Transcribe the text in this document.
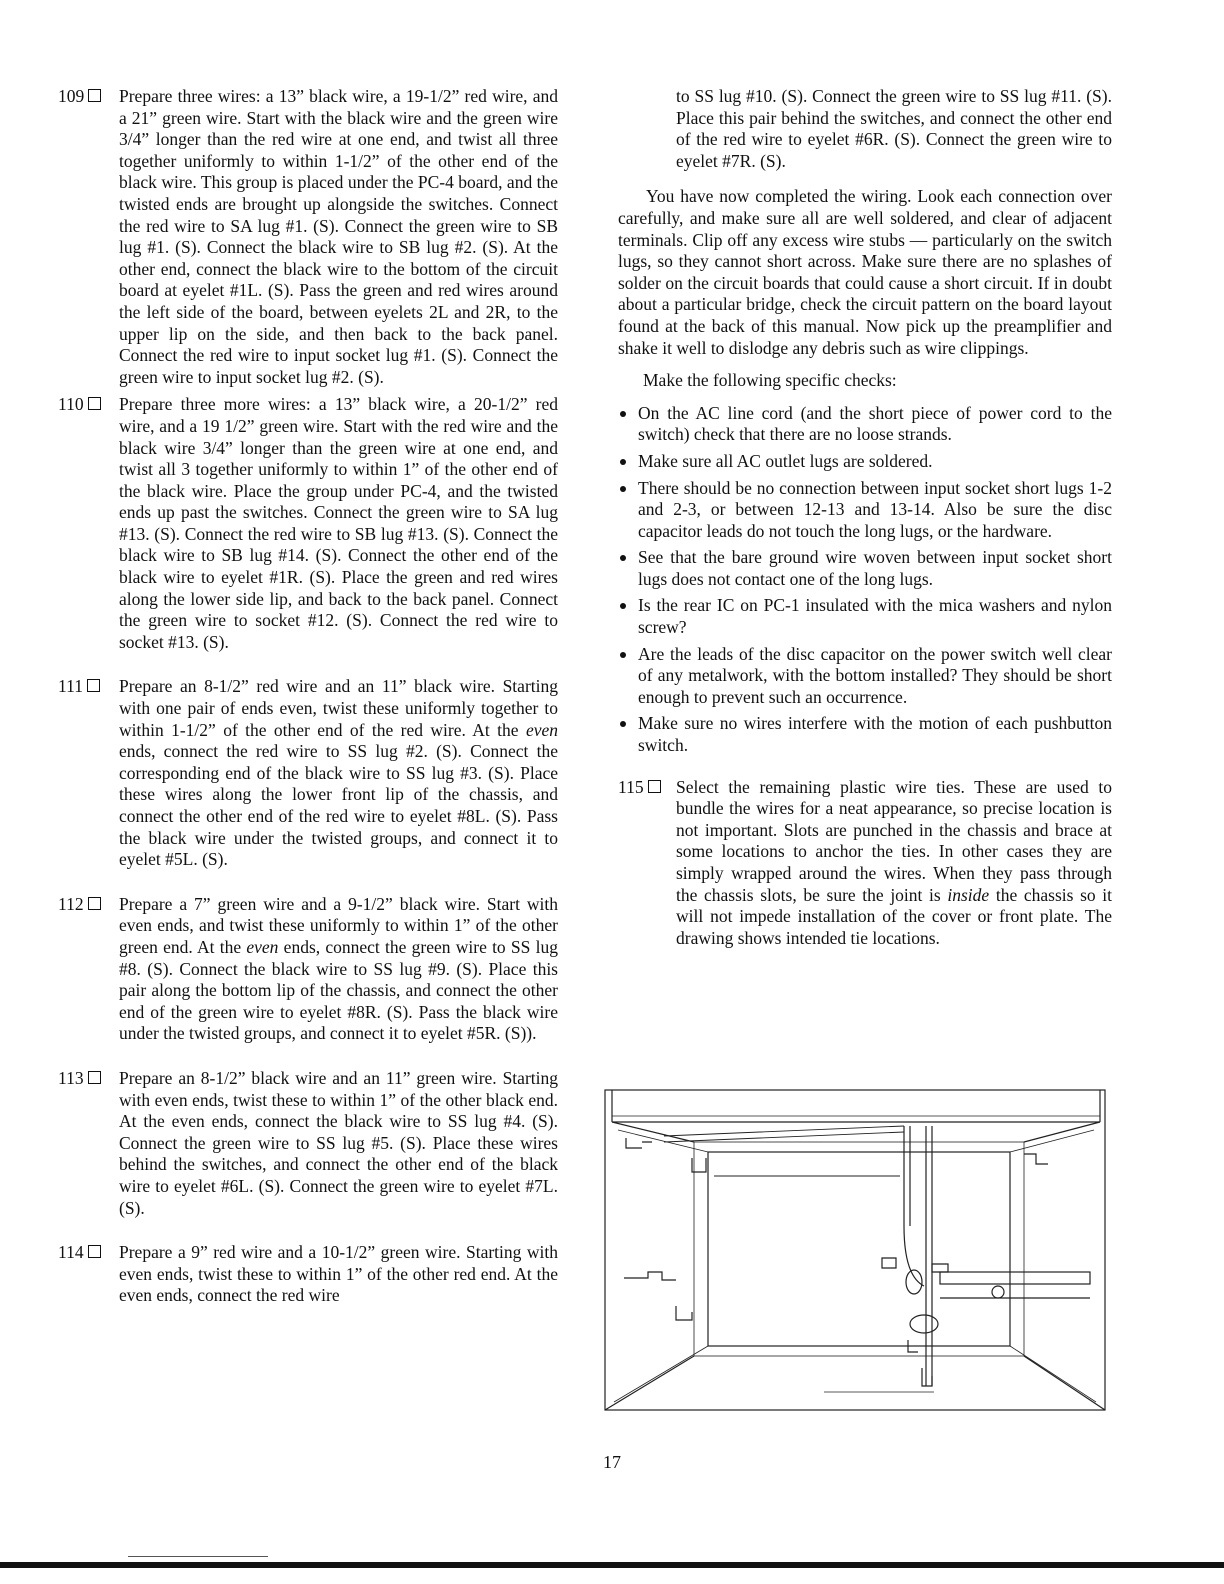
109	Prepare three wires: a 13” black wire, a 19-1/2” red wire, and a 21” green wire. Start with the black wire and the green wire 3/4” longer than the red wire at one end, and twist all three together uniformly to within 1-1/2” of the other end of the black wire. This group is placed under the PC-4 board, and the twisted ends are brought up alongside the switches. Connect the red wire to SA lug #1. (S). Connect the green wire to SB lug #1. (S). Connect the black wire to SB lug #2. (S). At the other end, connect the black wire to the bottom of the circuit board at eyelet #1L. (S). Pass the green and red wires around the left side of the board, between eyelets 2L and 2R, to the upper lip on the side, and then back to the back panel. Connect the red wire to input socket lug #1. (S). Connect the green wire to input socket lug #2. (S).
110	Prepare three more wires: a 13” black wire, a 20-1/2” red wire, and a 19 1/2” green wire. Start with the red wire and the black wire 3/4” longer than the green wire at one end, and twist all 3 together uniformly to within 1” of the other end of the black wire. Place the group under PC-4, and the twisted ends up past the switches. Connect the green wire to SA lug #13. (S). Connect the red wire to SB lug #13. (S). Connect the black wire to SB lug #14. (S). Connect the other end of the black wire to eyelet #1R. (S). Place the green and red wires along the lower side lip, and back to the back panel. Connect the green wire to socket #12. (S). Connect the red wire to socket #13. (S).
111	Prepare an 8-1/2” red wire and an 11” black wire. Starting with one pair of ends even, twist these uniformly together to within 1-1/2” of the other end of the red wire. At the even ends, connect the red wire to SS lug #2. (S). Connect the corresponding end of the black wire to SS lug #3. (S). Place these wires along the lower front lip of the chassis, and connect the other end of the red wire to eyelet #8L. (S). Pass the black wire under the twisted groups, and connect it to eyelet #5L. (S).
112	Prepare a 7” green wire and a 9-1/2” black wire. Start with even ends, and twist these uniformly to within 1” of the other green end. At the even ends, connect the green wire to SS lug #8. (S). Connect the black wire to SS lug #9. (S). Place this pair along the bottom lip of the chassis, and connect the other end of the green wire to eyelet #8R. (S). Pass the black wire under the twisted groups, and connect it to eyelet #5R. (S)).
113	Prepare an 8-1/2” black wire and an 11” green wire. Starting with even ends, twist these to within 1” of the other black end. At the even ends, connect the black wire to SS lug #4. (S). Connect the green wire to SS lug #5. (S). Place these wires behind the switches, and connect the other end of the black wire to eyelet #6L. (S). Connect the green wire to eyelet #7L. (S).
114	Prepare a 9” red wire and a 10-1/2” green wire. Starting with even ends, twist these to within 1” of the other red end. At the even ends, connect the red wire
to SS lug #10. (S). Connect the green wire to SS lug #11. (S). Place this pair behind the switches, and connect the other end of the red wire to eyelet #6R. (S). Connect the green wire to eyelet #7R. (S).
You have now completed the wiring. Look each connection over carefully, and make sure all are well soldered, and clear of adjacent terminals. Clip off any excess wire stubs — particularly on the switch lugs, so they cannot short across. Make sure there are no splashes of solder on the circuit boards that could cause a short circuit. If in doubt about a particular bridge, check the circuit pattern on the board layout found at the back of this manual. Now pick up the preamplifier and shake it well to dislodge any debris such as wire clippings.
Make the following specific checks:
On the AC line cord (and the short piece of power cord to the switch) check that there are no loose strands.
Make sure all AC outlet lugs are soldered.
There should be no connection between input socket short lugs 1-2 and 2-3, or between 12-13 and 13-14. Also be sure the disc capacitor leads do not touch the long lugs, or the hardware.
See that the bare ground wire woven between input socket short lugs does not contact one of the long lugs.
Is the rear IC on PC-1 insulated with the mica washers and nylon screw?
Are the leads of the disc capacitor on the power switch well clear of any metalwork, with the bottom installed? They should be short enough to prevent such an occurrence.
Make sure no wires interfere with the motion of each pushbutton switch.
115	Select the remaining plastic wire ties. These are used to bundle the wires for a neat appearance, so precise location is not important. Slots are punched in the chassis and brace at some locations to anchor the ties. In other cases they are simply wrapped around the wires. When they pass through the chassis slots, be sure the joint is inside the chassis so it will not impede installation of the cover or front plate. The drawing shows intended tie locations.
17
